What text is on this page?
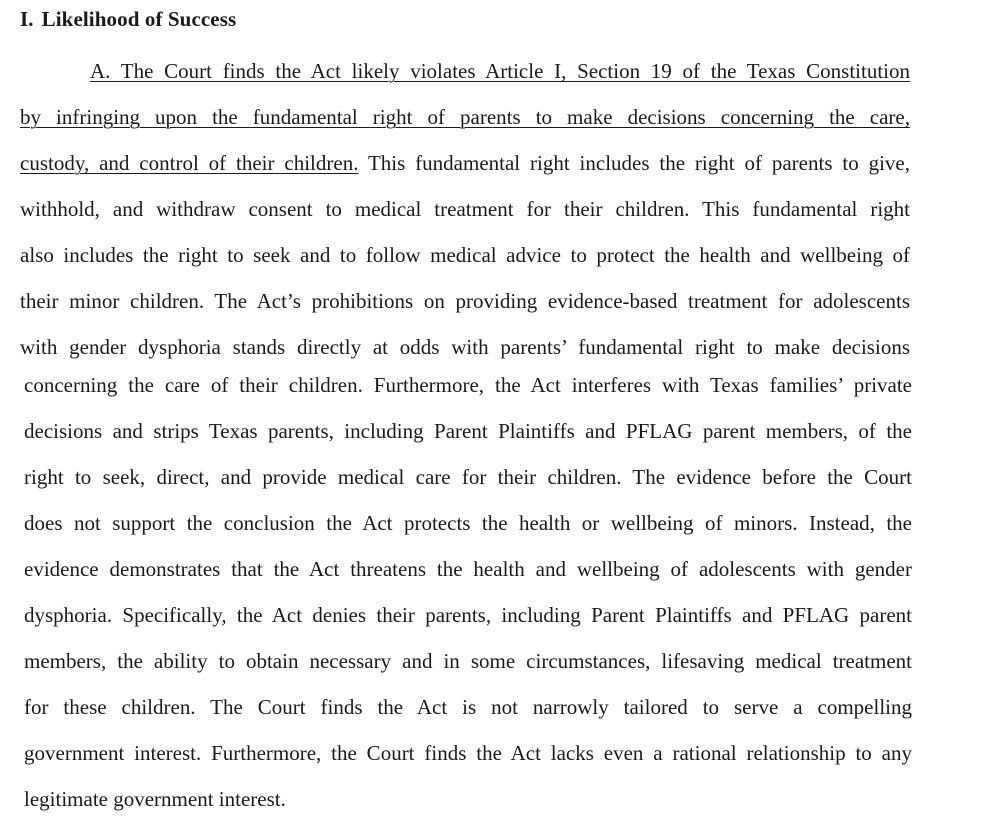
I. Likelihood of Success
A. The Court finds the Act likely violates Article I, Section 19 of the Texas Constitution
by infringing upon the fundamental right of parents to make decisions concerning the care,
custody, and control of their children. This fundamental right includes the right of parents to give,
withhold, and withdraw consent to medical treatment for their children. This fundamental right
also includes the right to seek and to follow medical advice to protect the health and wellbeing of
their minor children. The Act’s prohibitions on providing evidence-based treatment for adolescents
with gender dysphoria stands directly at odds with parents’ fundamental right to make decisions
concerning the care of their children. Furthermore, the Act interferes with Texas families’ private
decisions and strips Texas parents, including Parent Plaintiffs and PFLAG parent members, of the
right to seek, direct, and provide medical care for their children. The evidence before the Court
does not support the conclusion the Act protects the health or wellbeing of minors. Instead, the
evidence demonstrates that the Act threatens the health and wellbeing of adolescents with gender
dysphoria. Specifically, the Act denies their parents, including Parent Plaintiffs and PFLAG parent
members, the ability to obtain necessary and in some circumstances, lifesaving medical treatment
for these children. The Court finds the Act is not narrowly tailored to serve a compelling
government interest. Furthermore, the Court finds the Act lacks even a rational relationship to any
legitimate government interest.
